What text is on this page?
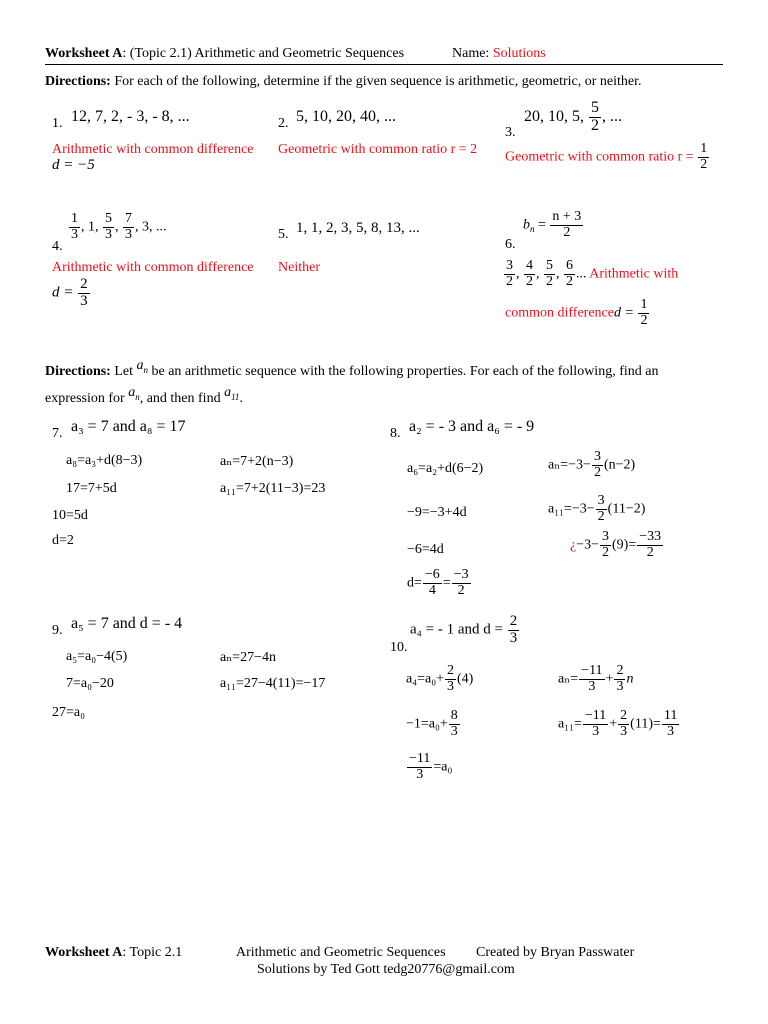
Worksheet A: (Topic 2.1) Arithmetic and Geometric Sequences	Name: Solutions
Directions: For each of the following, determine if the given sequence is arithmetic, geometric, or neither.
1. 12, 7, 2, - 3, - 8, ...
Arithmetic with common difference
d = −5
2. 5, 10, 20, 40, ...
Geometric with common ratio r = 2
20, 10, 5, $\frac{5}{2}$ , ...
3.
Geometric with common ratio $r = \frac{1}{2}$
4.
$\frac{1}{3}$ , 1, $\frac{5}{3}$ , $\frac{7}{3}$ , 3, ...
Arithmetic with common difference
$d = \frac{2}{3}$
5. 1, 1, 2, 3, 5, 8, 13, ...
Neither
6.
$b_n = \frac{n + 3}{2}$
$\frac{3}{2}$ , $\frac{4}{2}$ , $\frac{5}{2}$ , $\frac{6}{2}$ ... Arithmetic with
common differenced = $\frac{1}{2}$
Directions: Let $a_n$ be an arithmetic sequence with the following properties. For each of the following, find an
expression for $a_n$, and then find $a_{11}$.
7. a₃ = 7 and a₈ = 17
a₈=a₃+d(8−3)
17=7+5d
10=5d
d=2
aₙ=7+2(n−3)
a₁₁=7+2(11−3)=23
8. a₂ = - 3 and a₆ = - 9
a₆=a₂+d(6−2)
−9=−3+4d
−6=4d
$d= \frac{-6}{4} = \frac{-3}{2}$
$a_n=-3- \frac{3}{2} (n-2)$
$a_{11}=-3- \frac{3}{2} (11-2)$
¿$-3- \frac{3}{2} (9)= \frac{-33}{2}$
9. a₅ = 7 and d = - 4
a₅=a₀−4(5)
7=a₀−20
27=a₀
aₙ=27−4n
a₁₁=27−4(11)=−17
10.
a₄ = - 1 and $d = \frac{2}{3}$
$a_4=a_0+ \frac{2}{3} (4)$
$-1=a_0+ \frac{8}{3}$
$\frac{-11}{3} =a_0$
$a_n= \frac{-11}{3} + \frac{2}{3}$ n
$a_{11}= \frac{-11}{3} + \frac{2}{3} (11)= \frac{11}{3}$
Worksheet A: Topic 2.1	Arithmetic and Geometric Sequences Created by Bryan Passwater
Solutions by Ted Gott tedg20776@gmail.com
